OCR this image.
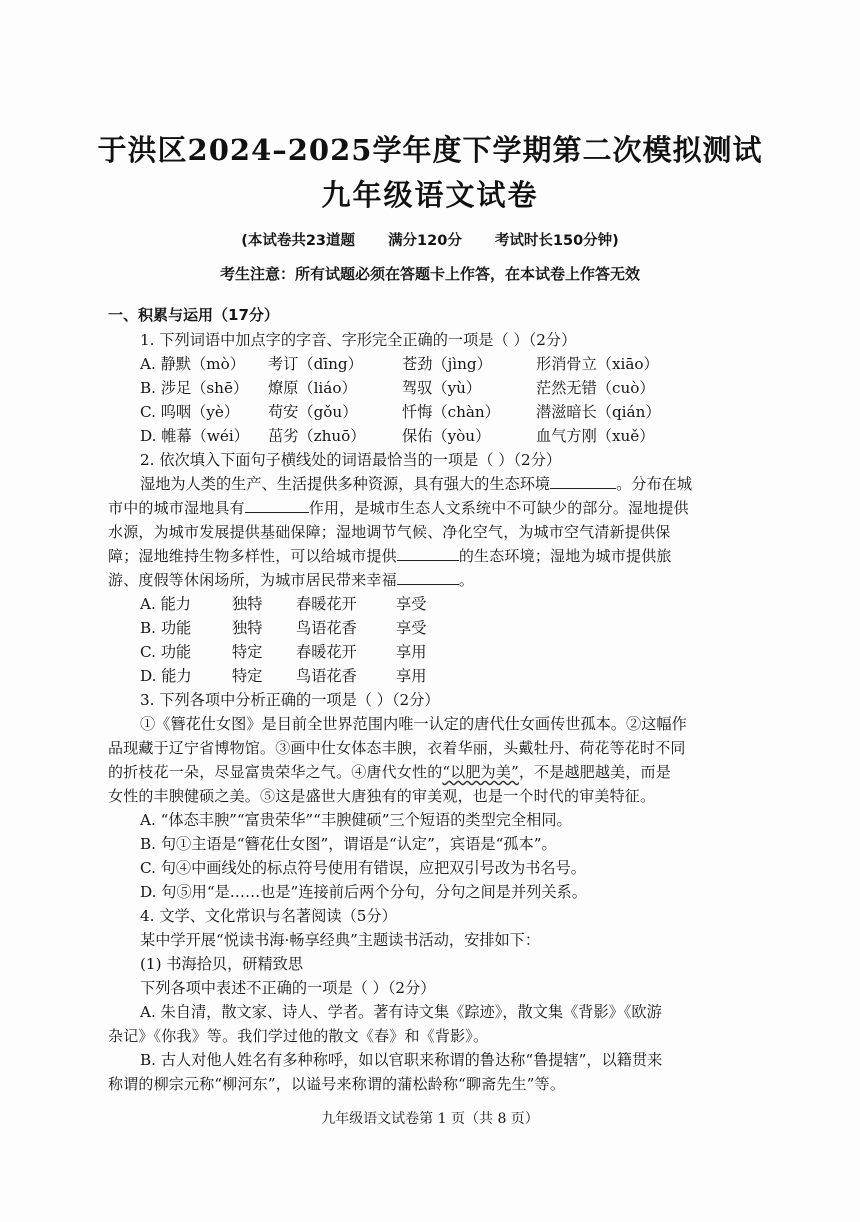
于洪区2024–2025学年度下学期第二次模拟测试
九年级语文试卷
(本试卷共23道题 满分120分 考试时长150分钟)
考生注意：所有试题必须在答题卡上作答，在本试卷上作答无效
一、积累与运用（17分）
1. 下列词语中加点字的字音、字形完全正确的一项是（ ）（2分）
A. 静默（mò） 考订（dīng）	苍劲（jìng）	形消骨立（xiāo）
B. 涉足（shē） 燎原（liáo）	驾驭（yù）	茫然无错（cuò）
C. 呜咽（yè） 苟安（gǒu）	忏悔（chàn） 潜滋暗长（qián）
D. 帷幕（wéi） 茁劣（zhuō） 保佑（yòu）	血气方刚（xuě）
2. 依次填入下面句子横线处的词语最恰当的一项是（ ）（2分）
湿地为人类的生产、生活提供多种资源，具有强大的生态环境	。分布在城
市中的城市湿地具有	作用，是城市生态人文系统中不可缺少的部分。湿地提供
水源，为城市发展提供基础保障；湿地调节气候、净化空气，为城市空气清新提供保
障；湿地维持生物多样性，可以给城市提供	的生态环境；湿地为城市提供旅
游、度假等休闲场所，为城市居民带来幸福	。
A. 能力	独特 春暖花开	享受
B. 功能	独特 鸟语花香	享受
C. 功能	特定 春暖花开	享用
D. 能力	特定 鸟语花香	享用
3. 下列各项中分析正确的一项是（ ）（2分）
①《簪花仕女图》是目前全世界范围内唯一认定的唐代仕女画传世孤本。②这幅作
品现藏于辽宁省博物馆。③画中仕女体态丰腴，衣着华丽，头戴牡丹、荷花等花时不同
的折枝花一朵，尽显富贵荣华之气。④唐代女性的“以肥为美”，不是越肥越美，而是
女性的丰腴健硕之美。⑤这是盛世大唐独有的审美观，也是一个时代的审美特征。
A. “体态丰腴”“富贵荣华”“丰腴健硕”三个短语的类型完全相同。
B. 句①主语是“簪花仕女图”，谓语是“认定”，宾语是“孤本”。
C. 句④中画线处的标点符号使用有错误，应把双引号改为书名号。
D. 句⑤用“是……也是”连接前后两个分句，分句之间是并列关系。
4. 文学、文化常识与名著阅读（5分）
某中学开展“悦读书海·畅享经典”主题读书活动，安排如下：
(1) 书海拾贝，研精致思
下列各项中表述不正确的一项是（ ）（2分）
A. 朱自清，散文家、诗人、学者。著有诗文集《踪迹》，散文集《背影》《欧游
杂记》《你我》等。我们学过他的散文《春》和《背影》。
B. 古人对他人姓名有多种称呼，如以官职来称谓的鲁达称“鲁提辖”，以籍贯来
称谓的柳宗元称“柳河东”，以谥号来称谓的蒲松龄称“聊斋先生”等。
九年级语文试卷第 1 页（共 8 页）
